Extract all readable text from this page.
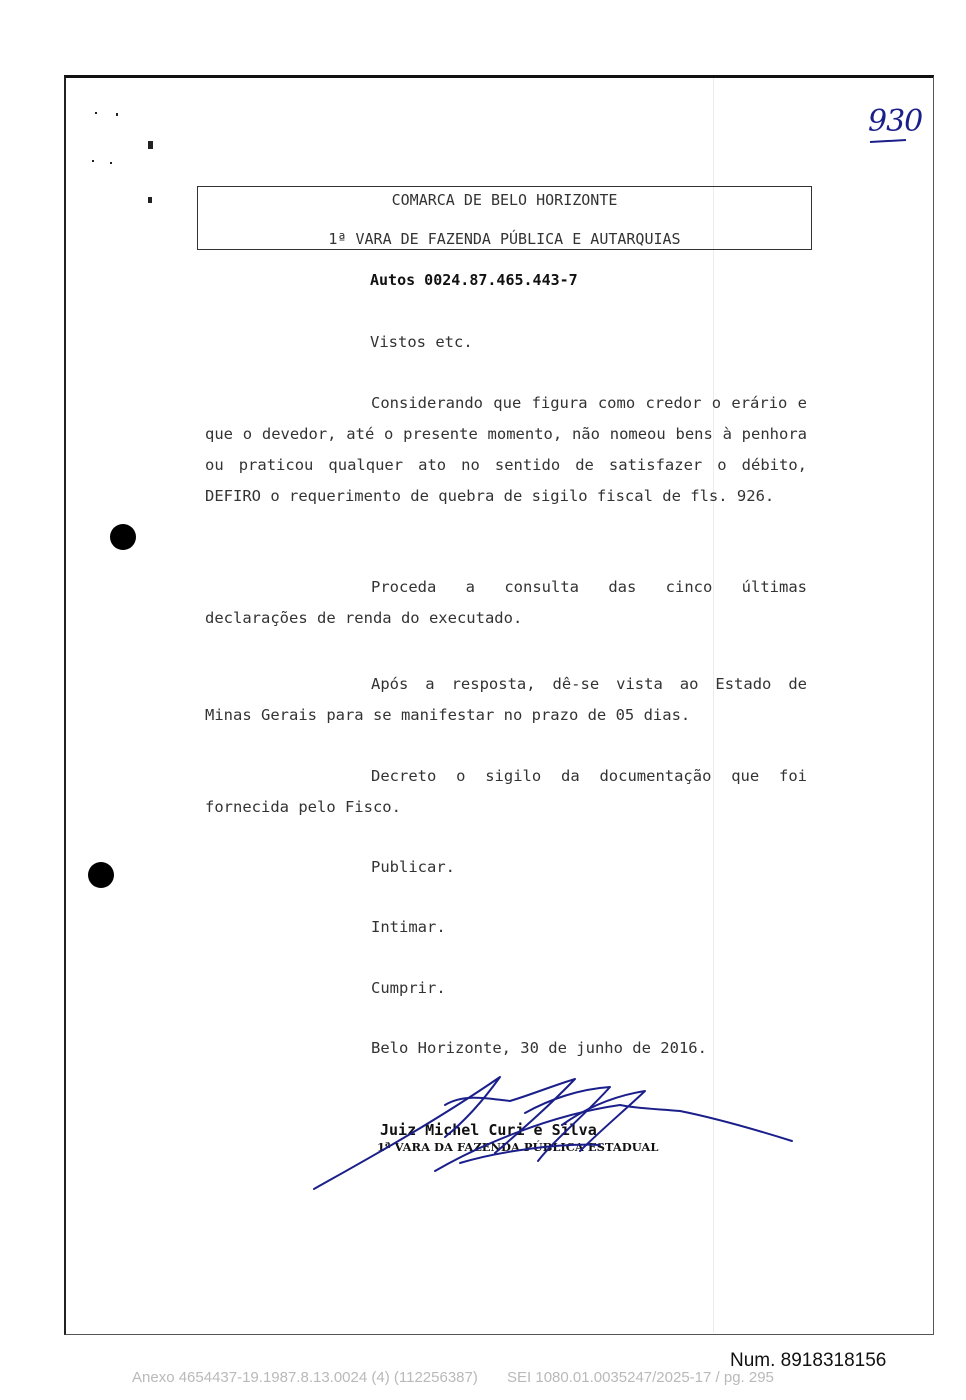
930
COMARCA DE BELO HORIZONTE
1ª VARA DE FAZENDA PÚBLICA E AUTARQUIAS
Autos 0024.87.465.443-7
Vistos etc.
Considerando que figura como credor o erário e que o devedor, até o presente momento, não nomeou bens à penhora ou praticou qualquer ato no sentido de satisfazer o débito, DEFIRO o requerimento de quebra de sigilo fiscal de fls. 926.
Proceda a consulta das cinco últimas declarações de renda do executado.
Após a resposta, dê-se vista ao Estado de Minas Gerais para se manifestar no prazo de 05 dias.
Decreto o sigilo da documentação que foi fornecida pelo Fisco.
Publicar.
Intimar.
Cumprir.
Belo Horizonte, 30 de junho de 2016.
Juiz Michel Curi e Silva
1ª VARA DA FAZENDA PÚBLICA ESTADUAL
Num. 8918318156
Anexo 4654437-19.1987.8.13.0024 (4) (112256387)       SEI 1080.01.0035247/2025-17 / pg. 295
